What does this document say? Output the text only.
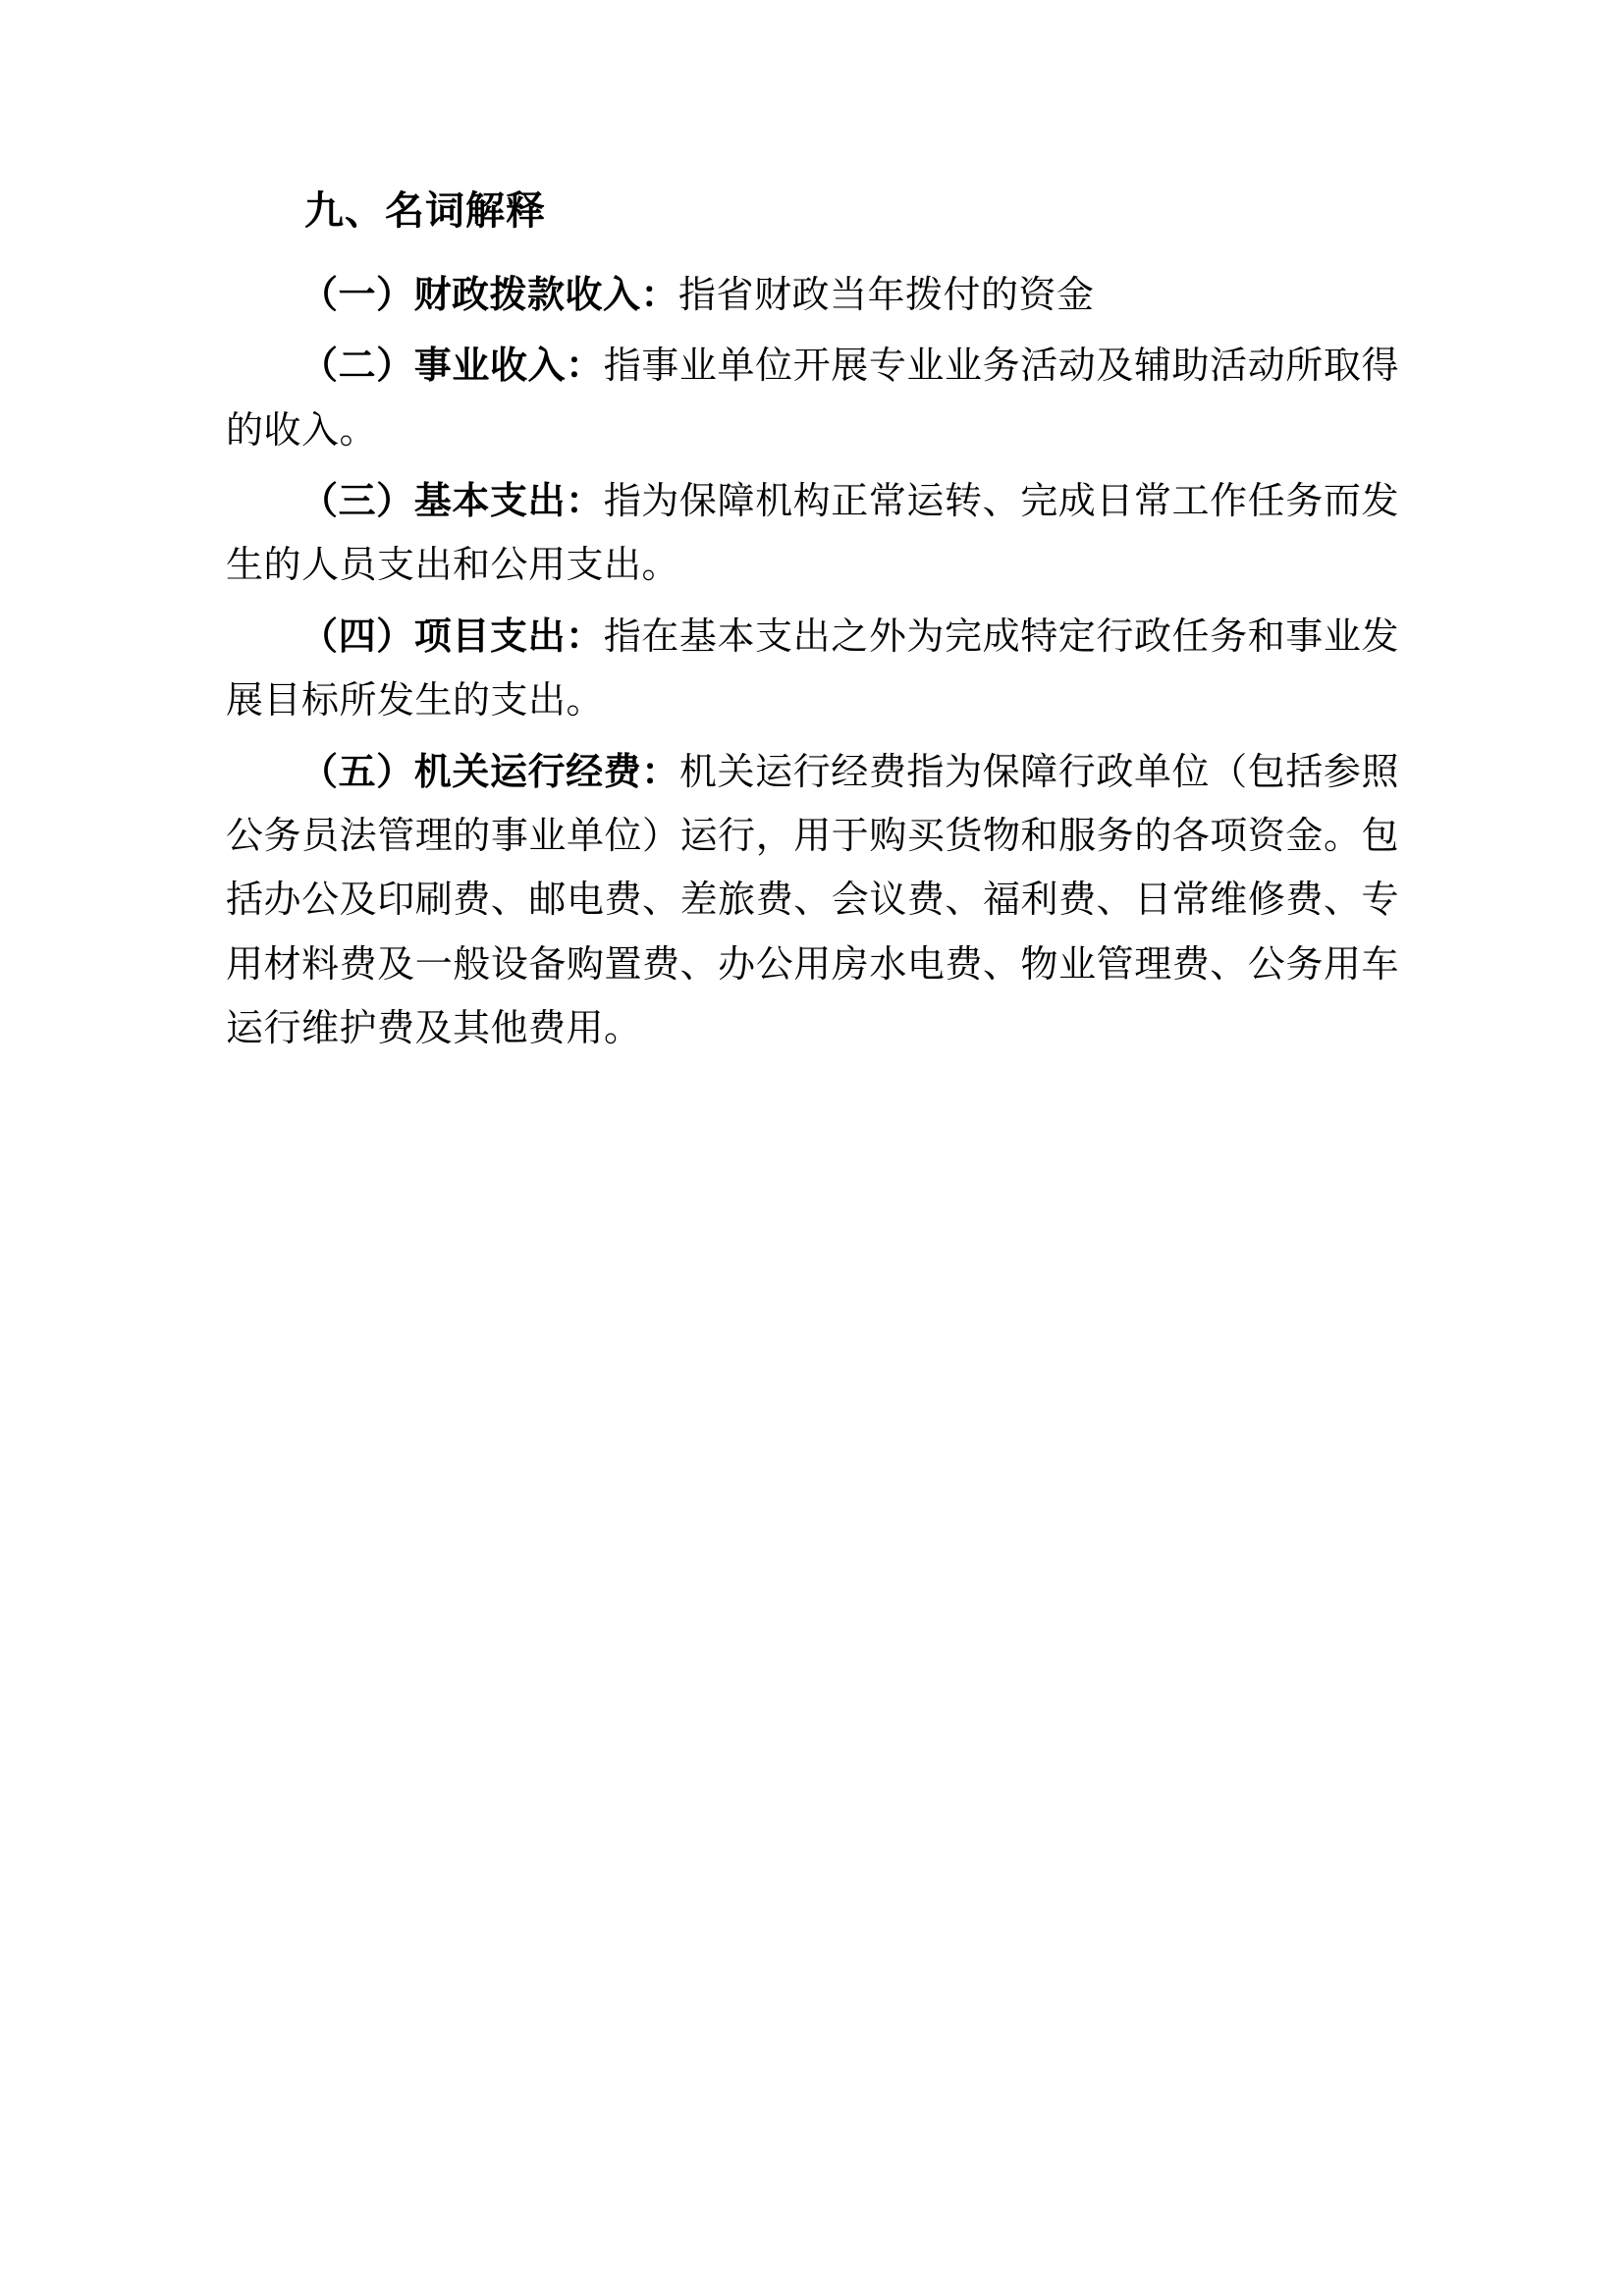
九、名词解释

（一）财政拨款收入：指省财政当年拨付的资金

（二）事业收入：指事业单位开展专业业务活动及辅助活动所取得的收入。

（三）基本支出：指为保障机构正常运转、完成日常工作任务而发生的人员支出和公用支出。

（四）项目支出：指在基本支出之外为完成特定行政任务和事业发展目标所发生的支出。

（五）机关运行经费：机关运行经费指为保障行政单位（包括参照公务员法管理的事业单位）运行，用于购买货物和服务的各项资金。包括办公及印刷费、邮电费、差旅费、会议费、福利费、日常维修费、专用材料费及一般设备购置费、办公用房水电费、物业管理费、公务用车运行维护费及其他费用。
